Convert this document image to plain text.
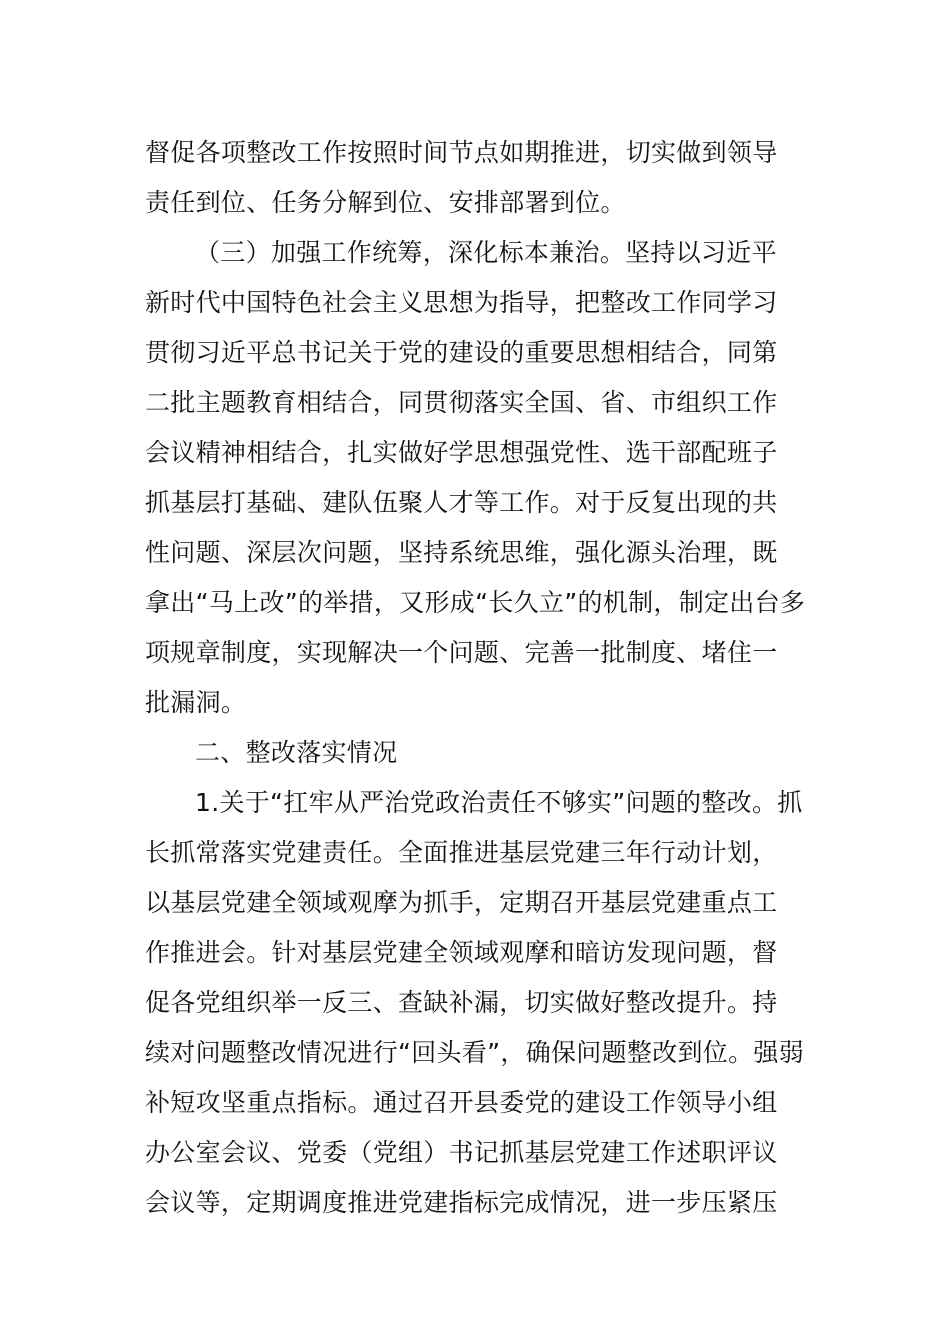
督促各项整改工作按照时间节点如期推进，切实做到领导
责任到位、任务分解到位、安排部署到位。
（三）加强工作统筹，深化标本兼治。坚持以习近平
新时代中国特色社会主义思想为指导，把整改工作同学习
贯彻习近平总书记关于党的建设的重要思想相结合，同第
二批主题教育相结合，同贯彻落实全国、省、市组织工作
会议精神相结合，扎实做好学思想强党性、选干部配班子
抓基层打基础、建队伍聚人才等工作。对于反复出现的共
性问题、深层次问题，坚持系统思维，强化源头治理，既
拿出“马上改”的举措，又形成“长久立”的机制，制定出台多
项规章制度，实现解决一个问题、完善一批制度、堵住一
批漏洞。
二、整改落实情况
1.关于“扛牢从严治党政治责任不够实”问题的整改。抓
长抓常落实党建责任。全面推进基层党建三年行动计划，
以基层党建全领域观摩为抓手，定期召开基层党建重点工
作推进会。针对基层党建全领域观摩和暗访发现问题，督
促各党组织举一反三、查缺补漏，切实做好整改提升。持
续对问题整改情况进行“回头看”，确保问题整改到位。强弱
补短攻坚重点指标。通过召开县委党的建设工作领导小组
办公室会议、党委（党组）书记抓基层党建工作述职评议
会议等，定期调度推进党建指标完成情况，进一步压紧压
